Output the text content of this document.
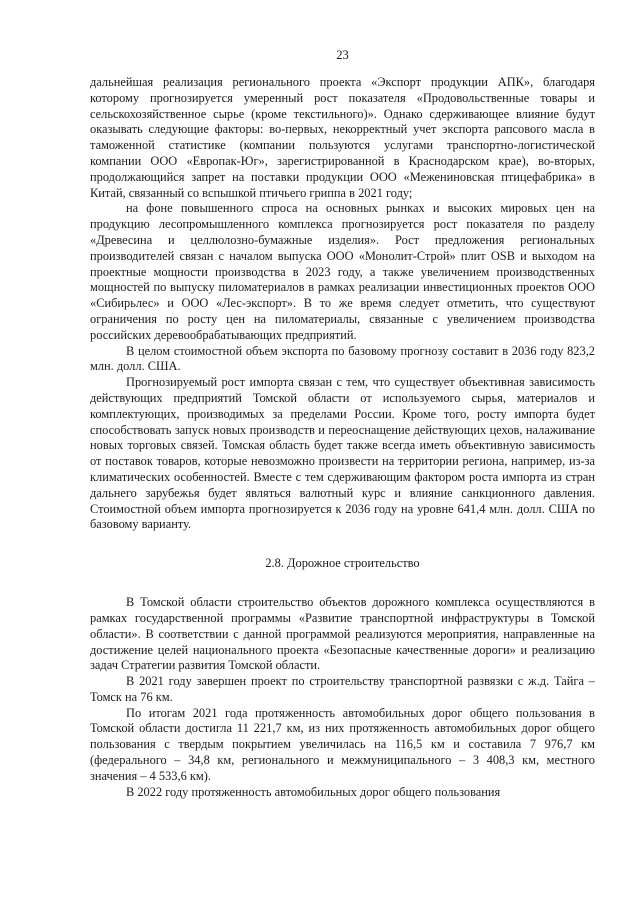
23

дальнейшая реализация регионального проекта «Экспорт продукции АПК», благодаря которому прогнозируется умеренный рост показателя «Продовольственные товары и сельскохозяйственное сырье (кроме текстильного)». Однако сдерживающее влияние будут оказывать следующие факторы: во-первых, некорректный учет экспорта рапсового масла в таможенной статистике (компании пользуются услугами транспортно-логистической компании ООО «Европак-Юг», зарегистрированной в Краснодарском крае), во-вторых, продолжающийся запрет на поставки продукции ООО «Межениновская птицефабрика» в Китай, связанный со вспышкой птичьего гриппа в 2021 году;

на фоне повышенного спроса на основных рынках и высоких мировых цен на продукцию лесопромышленного комплекса прогнозируется рост показателя по разделу «Древесина и целлюлозно-бумажные изделия». Рост предложения региональных производителей связан с началом выпуска ООО «Монолит-Строй» плит OSB и выходом на проектные мощности производства в 2023 году, а также увеличением производственных мощностей по выпуску пиломатериалов в рамках реализации инвестиционных проектов ООО «Сибирьлес» и ООО «Лес-экспорт». В то же время следует отметить, что существуют ограничения по росту цен на пиломатериалы, связанные с увеличением производства российских деревообрабатывающих предприятий.

В целом стоимостной объем экспорта по базовому прогнозу составит в 2036 году 823,2 млн. долл. США.

Прогнозируемый рост импорта связан с тем, что существует объективная зависимость действующих предприятий Томской области от используемого сырья, материалов и комплектующих, производимых за пределами России. Кроме того, росту импорта будет способствовать запуск новых производств и переоснащение действующих цехов, налаживание новых торговых связей. Томская область будет также всегда иметь объективную зависимость от поставок товаров, которые невозможно произвести на территории региона, например, из-за климатических особенностей. Вместе с тем сдерживающим фактором роста импорта из стран дальнего зарубежья будет являться валютный курс и влияние санкционного давления. Стоимостной объем импорта прогнозируется к 2036 году на уровне 641,4 млн. долл. США по базовому варианту.

2.8. Дорожное строительство

В Томской области строительство объектов дорожного комплекса осуществляются в рамках государственной программы «Развитие транспортной инфраструктуры в Томской области». В соответствии с данной программой реализуются мероприятия, направленные на достижение целей национального проекта «Безопасные качественные дороги» и реализацию задач Стратегии развития Томской области.

В 2021 году завершен проект по строительству транспортной развязки с ж.д. Тайга – Томск на 76 км.

По итогам 2021 года протяженность автомобильных дорог общего пользования в Томской области достигла 11 221,7 км, из них протяженность автомобильных дорог общего пользования с твердым покрытием увеличилась на 116,5 км и составила 7 976,7 км (федерального – 34,8 км, регионального и межмуниципального – 3 408,3 км, местного значения – 4 533,6 км).

В 2022 году протяженность автомобильных дорог общего пользования
